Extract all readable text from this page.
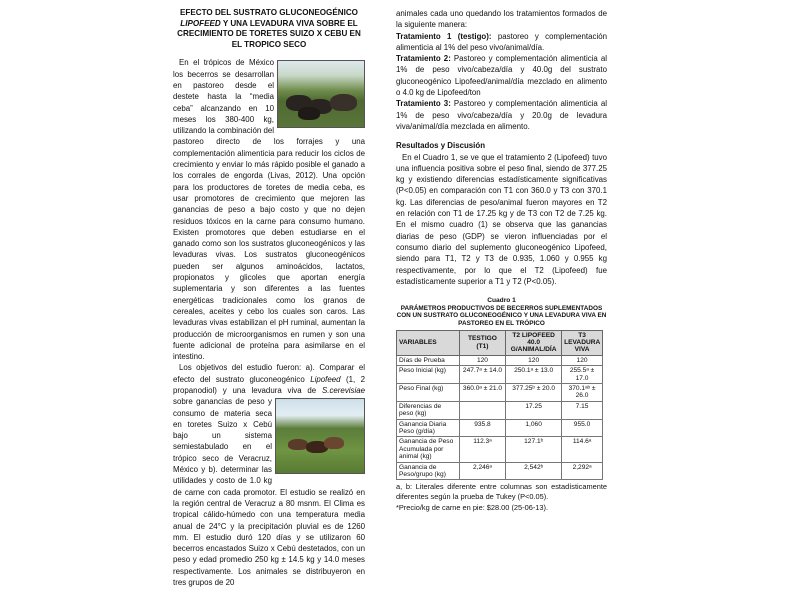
EFECTO DEL SUSTRATO GLUCONEOGÉNICO
LIPOFEED Y UNA LEVADURA VIVA SOBRE EL CRECIMIENTO DE TORETES SUIZO X CEBU EN EL TROPICO SECO

En el trópicos de México los becerros se desarrollan en pastoreo desde el destete hasta la “media ceba” alcanzando en 10 meses los 380-400 kg, utilizando la combinación del pastoreo directo de los forrajes y una complementación alimenticia para reducir los ciclos de crecimiento y enviar lo más rápido posible el ganado a los corrales de engorda (Livas, 2012). Una opción para los productores de toretes de media ceba, es usar promotores de crecimiento que mejoren las ganancias de peso a bajo costo y que no dejen residuos tóxicos en la carne para consumo humano. Existen promotores que deben estudiarse en el ganado como son los sustratos gluconeogénicos y las levaduras vivas. Los sustratos gluconeogénicos pueden ser algunos aminoácidos, lactatos, propionatos y glicoles que aportan energía suplementaria y son diferentes a las fuentes energéticas tradicionales como los granos de cereales, aceites y cebo los cuales son caros. Las levaduras vivas estabilizan el pH ruminal, aumentan la producción de microorganismos en rumen y son una fuente adicional de proteína para asimilarse en el intestino.

Los objetivos del estudio fueron: a). Comparar el efecto del sustrato gluconeogénico Lipofeed (1, 2 propanodiol) y una levadura viva de S.cerevisiae
sobre ganancias de peso y consumo de materia seca en toretes Suizo x Cebú bajo un sistema semiestabulado en el trópico seco de Veracruz, México y b). determinar las utilidades y costo de 1.0 kg de carne con cada promotor. El estudio se realizó en la región central de Veracruz a 80 msnm. El Clima es tropical cálido-húmedo con una temperatura media anual de 24°C y la precipitación pluvial es de 1260 mm. El estudio duró 120 días y se utilizaron 60 becerros encastados Suizo x Cebú destetados, con un peso y edad promedio 250 kg ± 14.5 kg y 14.0 meses respectivamente. Los animales se distribuyeron en tres grupos de 20

animales cada uno quedando los tratamientos formados de la siguiente manera:

Tratamiento 1 (testigo): pastoreo y complementación alimenticia al 1% del peso vivo/animal/día.

Tratamiento 2: Pastoreo y complementación alimenticia al 1% de peso vivo/cabeza/día y 40.0g del sustrato gluconeogénico Lipofeed/animal/día mezclado en alimento o 4.0 kg de Lipofeed/ton

Tratamiento 3: Pastoreo y complementación alimenticia al 1% de peso vivo/cabeza/día y 20.0g de levadura viva/animal/día mezclada en alimento.

Resultados y Discusión

En el Cuadro 1, se ve que el tratamiento 2 (Lipofeed) tuvo una influencia positiva sobre el peso final, siendo de 377.25 kg y existiendo diferencias estadísticamente significativas (P<0.05) en comparación con T1 con 360.0 y T3 con 370.1 kg. Las diferencias de peso/animal fueron mayores en T2 en relación con T1 de 17.25 kg y de T3 con T2 de 7.25 kg. En el mismo cuadro (1) se observa que las ganancias diarias de peso (GDP) se vieron influenciadas por el consumo diario del suplemento gluconeogénico Lipofeed, siendo para T1, T2 y T3 de 0.935, 1.060 y 0.955 kg respectivamente, por lo que el T2 (Lipofeed) fue estadísticamente superior a T1 y T2 (P<0.05).

Cuadro 1
PARÁMETROS PRODUCTIVOS DE BECERROS SUPLEMENTADOS CON UN SUSTRATO GLUCONEOGÉNICO Y UNA LEVADURA VIVA EN PASTOREO EN EL TRÓPICO
VARIABLES	TESTIGO (T1)	T2 LIPOFEED 40.0 G/ANIMAL/DÍA	T3 LEVADURA VIVA
Días de Prueba	120	120	120
Peso Inicial (kg)	247.7ᵃ ± 14.0	250.1ᵃ ± 13.0	255.5ᵃ ± 17.0
Peso Final (kg)	360.0ᵃ ± 21.0	377.25ᵇ ± 20.0	370.1ᵃᵇ ± 26.0
Diferencias de peso (kg)		17.25	7.15
Ganancia Diaria Peso (g/día)	935.8	1,060	955.0
Ganancia de Peso Acumulada por animal (kg)	112.3ᵃ	127.1ᵇ	114.6ᵃ
Ganancia de Peso/grupo (kg)	2,246ᵃ	2,542ᵇ	2,292ᵃ

a, b: Literales diferente entre columnas son estadísticamente diferentes según la prueba de Tukey (P<0.05).

*Precio/kg de carne en pie: $28.00 (25-06-13).
